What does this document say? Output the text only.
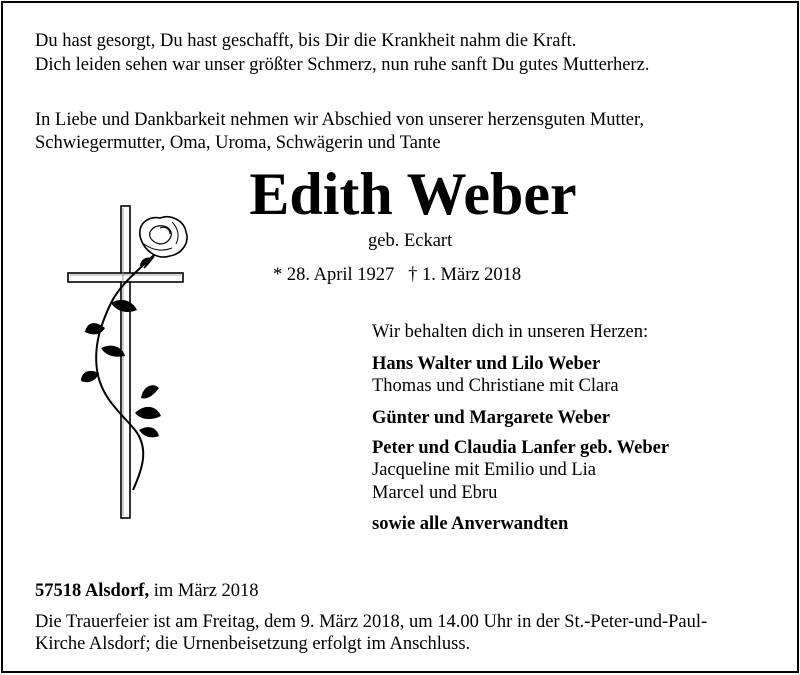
Du hast gesorgt, Du hast geschafft, bis Dir die Krankheit nahm die Kraft.
Dich leiden sehen war unser größter Schmerz, nun ruhe sanft Du gutes Mutterherz.
In Liebe und Dankbarkeit nehmen wir Abschied von unserer herzensguten Mutter,
Schwiegermutter, Oma, Uroma, Schwägerin und Tante
Edith Weber
geb. Eckart
* 28. April 1927   † 1. März 2018
Wir behalten dich in unseren Herzen:
Hans Walter und Lilo Weber
Thomas und Christiane mit Clara
Günter und Margarete Weber
Peter und Claudia Lanfer geb. Weber
Jacqueline mit Emilio und Lia
Marcel und Ebru
sowie alle Anverwandten
57518 Alsdorf, im März 2018
Die Trauerfeier ist am Freitag, dem 9. März 2018, um 14.00 Uhr in der St.-Peter-und-Paul-
Kirche Alsdorf; die Urnenbeisetzung erfolgt im Anschluss.
